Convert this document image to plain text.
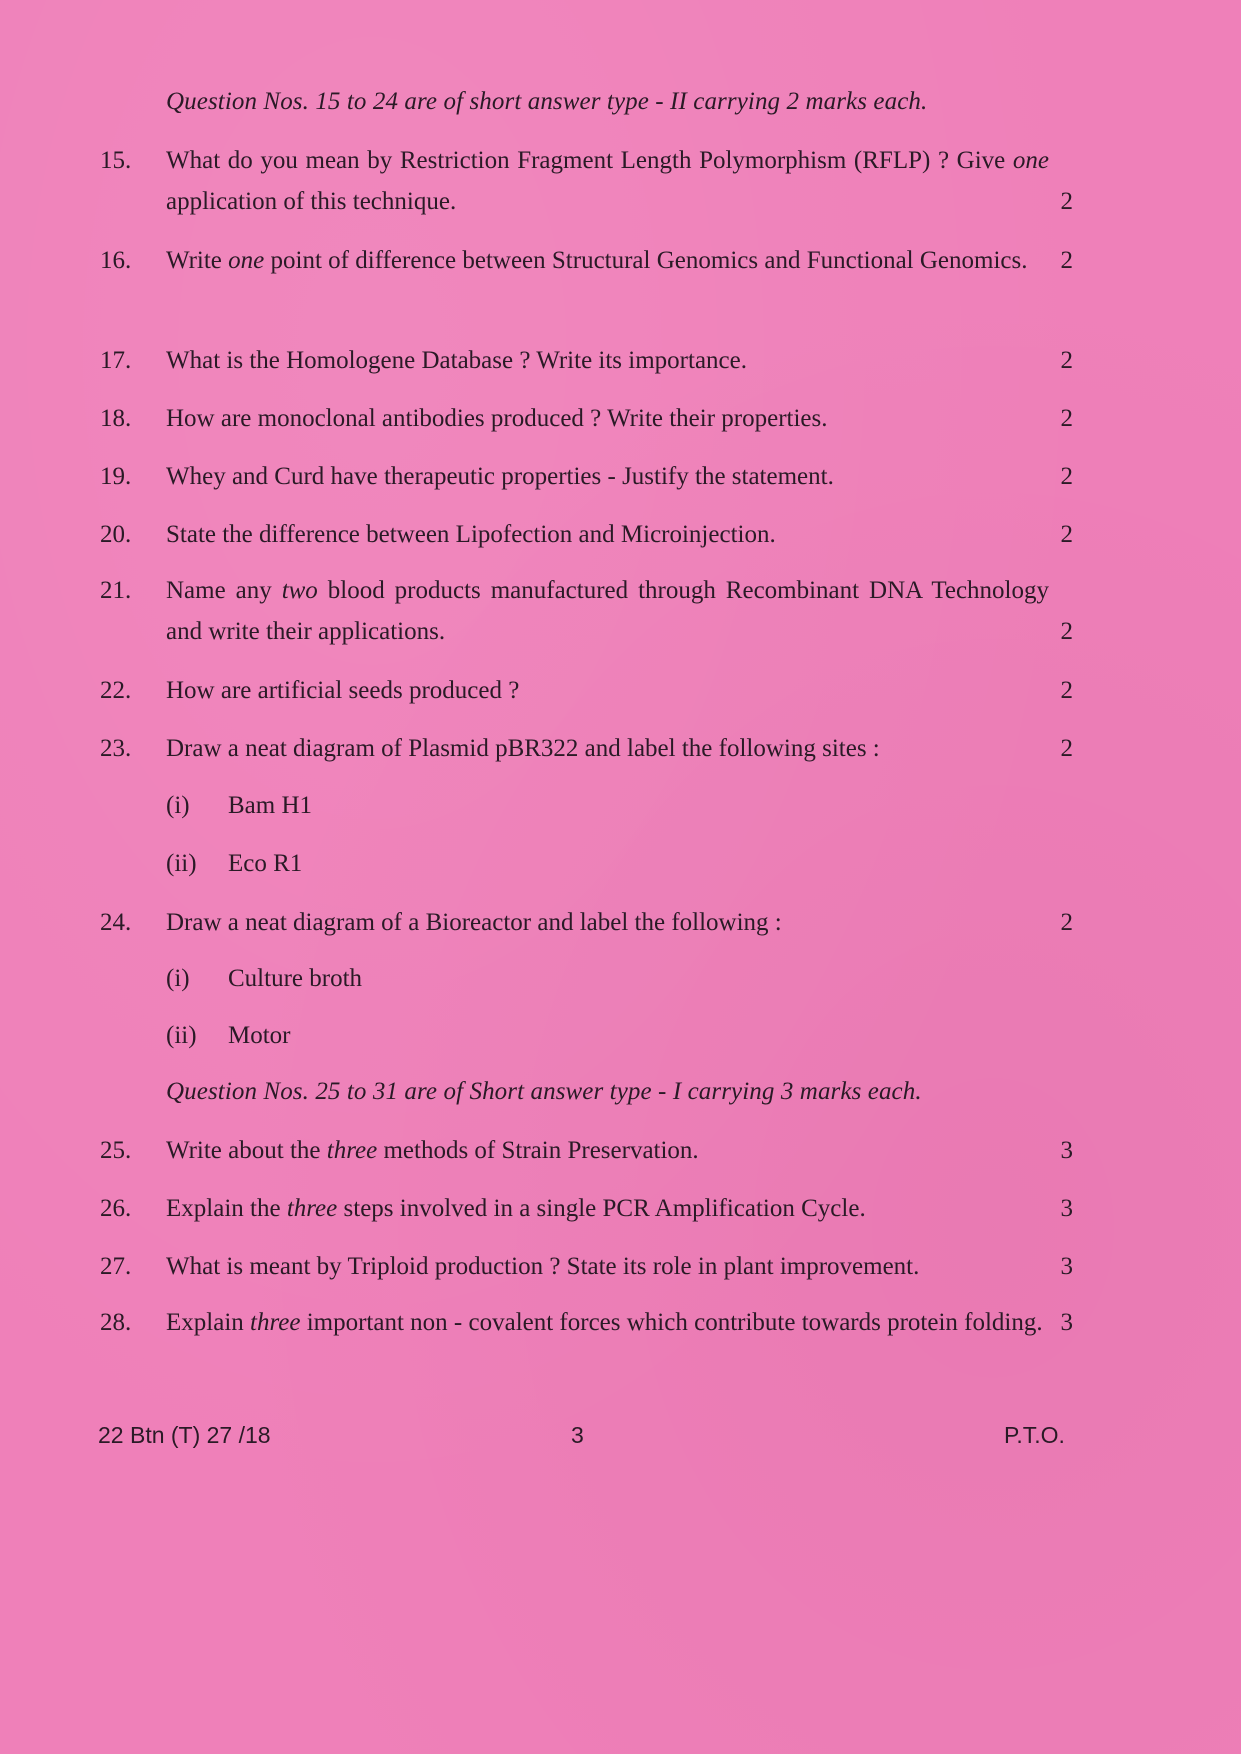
Question Nos. 15 to 24 are of short answer type - II carrying 2 marks each.
15.	What do you mean by Restriction Fragment Length Polymorphism (RFLP) ? Give one application of this technique.	2
16.	Write one point of difference between Structural Genomics and Functional Genomics.	2
17.	What is the Homologene Database ? Write its importance.	2
18.	How are monoclonal antibodies produced ? Write their properties.	2
19.	Whey and Curd have therapeutic properties - Justify the statement.	2
20.	State the difference between Lipofection and Microinjection.	2
21.	Name any two blood products manufactured through Recombinant DNA Technology and write their applications.	2
22.	How are artificial seeds produced ?	2
23.	Draw a neat diagram of Plasmid pBR322 and label the following sites :	2
(i) Bam H1
(ii) Eco R1
24.	Draw a neat diagram of a Bioreactor and label the following :	2
(i) Culture broth
(ii) Motor
Question Nos. 25 to 31 are of Short answer type - I carrying 3 marks each.
25.	Write about the three methods of Strain Preservation.	3
26.	Explain the three steps involved in a single PCR Amplification Cycle.	3
27.	What is meant by Triploid production ? State its role in plant improvement.	3
28.	Explain three important non - covalent forces which contribute towards protein folding. 3
22 Btn (T) 27 /18	3	P.T.O.
